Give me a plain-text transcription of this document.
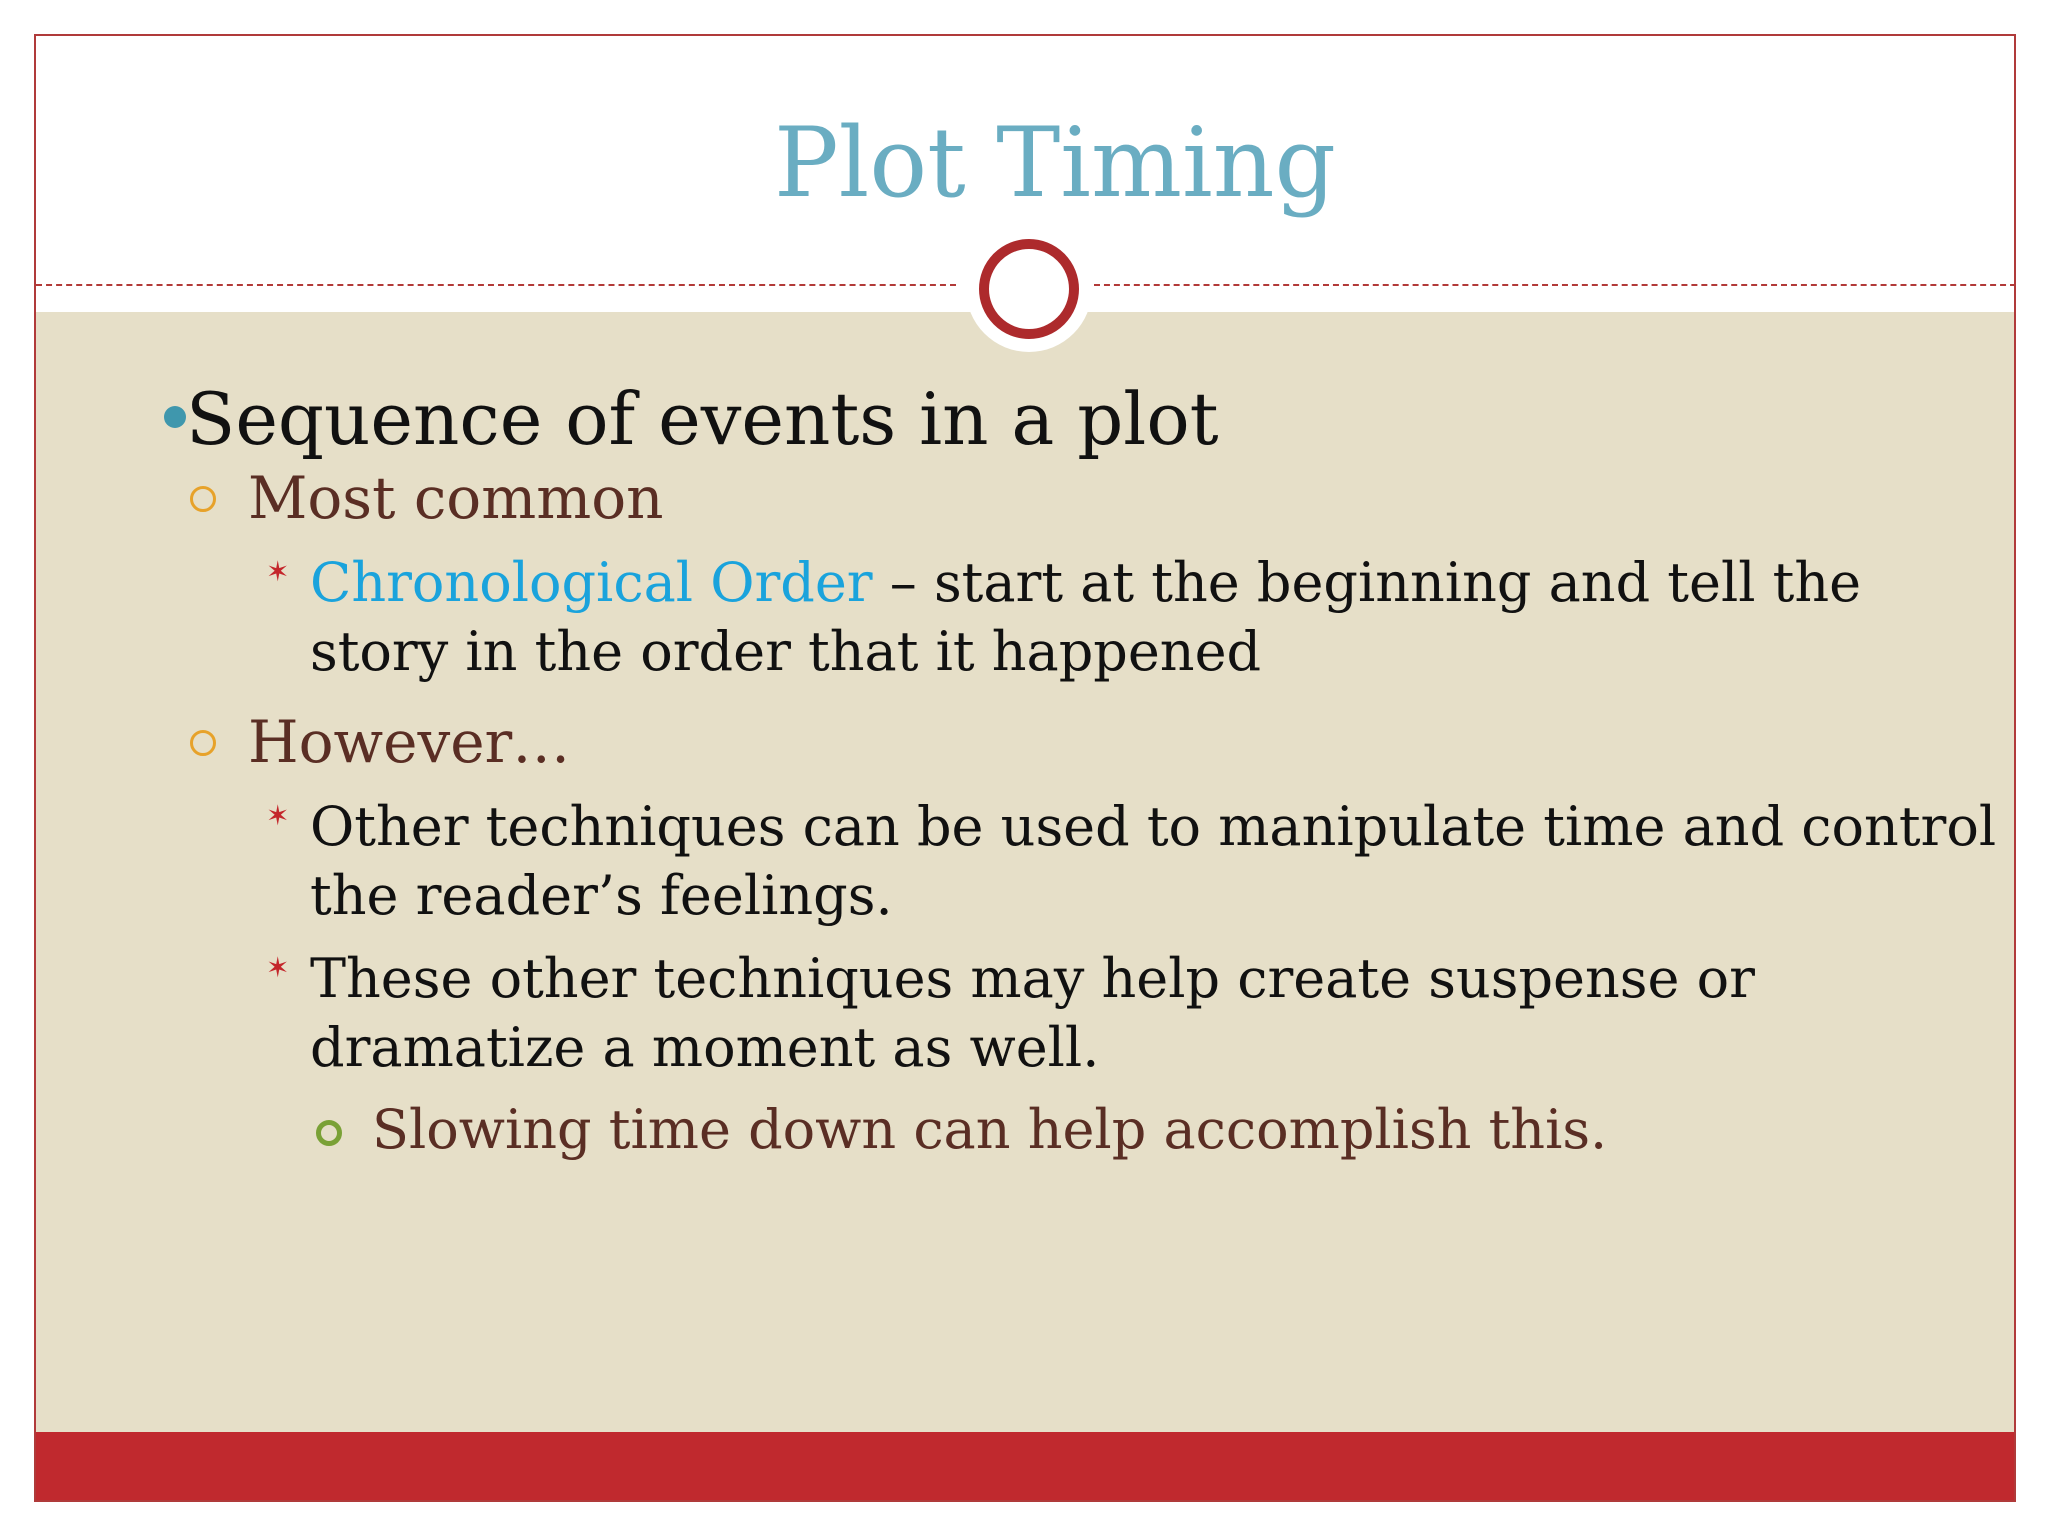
Plot Timing
Sequence of events in a plot
Most common
✶ Chronological Order – start at the beginning and tell the story in the order that it happened
However…
✶ Other techniques can be used to manipulate time and control the reader’s feelings.
✶ These other techniques may help create suspense or dramatize a moment as well.
Slowing time down can help accomplish this.
